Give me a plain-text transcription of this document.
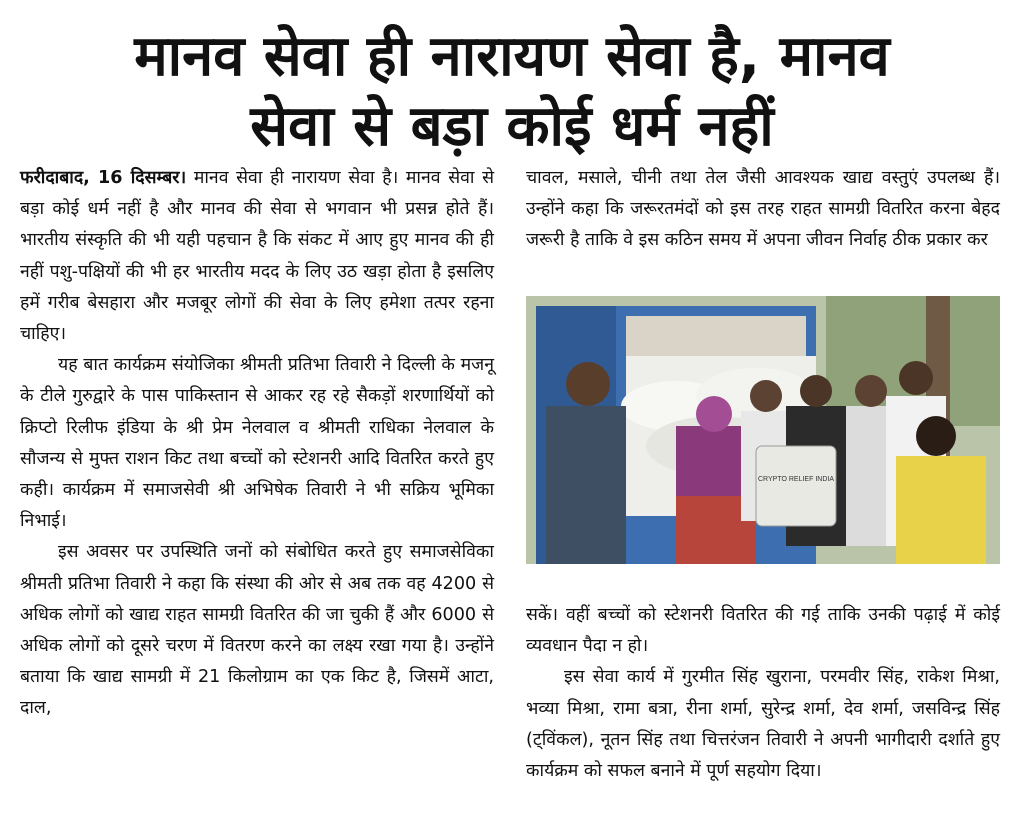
मानव सेवा ही नारायण सेवा है, मानव
सेवा से बड़ा कोई धर्म नहीं

फरीदाबाद, 16 दिसम्बर। मानव सेवा ही नारायण सेवा है। मानव सेवा से बड़ा कोई धर्म नहीं है और मानव की सेवा से भगवान भी प्रसन्न होते हैं। भारतीय संस्कृति की भी यही पहचान है कि संकट में आए हुए मानव की ही नहीं पशु-पक्षियों की भी हर भारतीय मदद के लिए उठ खड़ा होता है इसलिए हमें गरीब बेसहारा और मजबूर लोगों की सेवा के लिए हमेशा तत्पर रहना चाहिए।

यह बात कार्यक्रम संयोजिका श्रीमती प्रतिभा तिवारी ने दिल्ली के मजनू के टीले गुरुद्वारे के पास पाकिस्तान से आकर रह रहे सैकड़ों शरणार्थियों को क्रिप्टो रिलीफ इंडिया के श्री प्रेम नेलवाल व श्रीमती राधिका नेलवाल के सौजन्य से मुफ्त राशन किट तथा बच्चों को स्टेशनरी आदि वितरित करते हुए कही। कार्यक्रम में समाजसेवी श्री अभिषेक तिवारी ने भी सक्रिय भूमिका निभाई।

इस अवसर पर उपस्थिति जनों को संबोधित करते हुए समाजसेविका श्रीमती प्रतिभा तिवारी ने कहा कि संस्था की ओर से अब तक वह 4200 से अधिक लोगों को खाद्य राहत सामग्री वितरित की जा चुकी हैं और 6000 से अधिक लोगों को दूसरे चरण में वितरण करने का लक्ष्य रखा गया है। उन्होंने बताया कि खाद्य सामग्री में 21 किलोग्राम का एक किट है, जिसमें आटा, दाल,

चावल, मसाले, चीनी तथा तेल जैसी आवश्यक खाद्य वस्तुएं उपलब्ध हैं। उन्होंने कहा कि जरूरतमंदों को इस तरह राहत सामग्री वितरित करना बेहद जरूरी है ताकि वे इस कठिन समय में अपना जीवन निर्वाह ठीक प्रकार कर

CRYPTO RELIEF INDIA

सकें। वहीं बच्चों को स्टेशनरी वितरित की गई ताकि उनकी पढ़ाई में कोई व्यवधान पैदा न हो।

इस सेवा कार्य में गुरमीत सिंह खुराना, परमवीर सिंह, राकेश मिश्रा, भव्या मिश्रा, रामा बत्रा, रीना शर्मा, सुरेन्द्र शर्मा, देव शर्मा, जसविन्द्र सिंह (ट्विंकल), नूतन सिंह तथा चित्तरंजन तिवारी ने अपनी भागीदारी दर्शाते हुए कार्यक्रम को सफल बनाने में पूर्ण सहयोग दिया।
